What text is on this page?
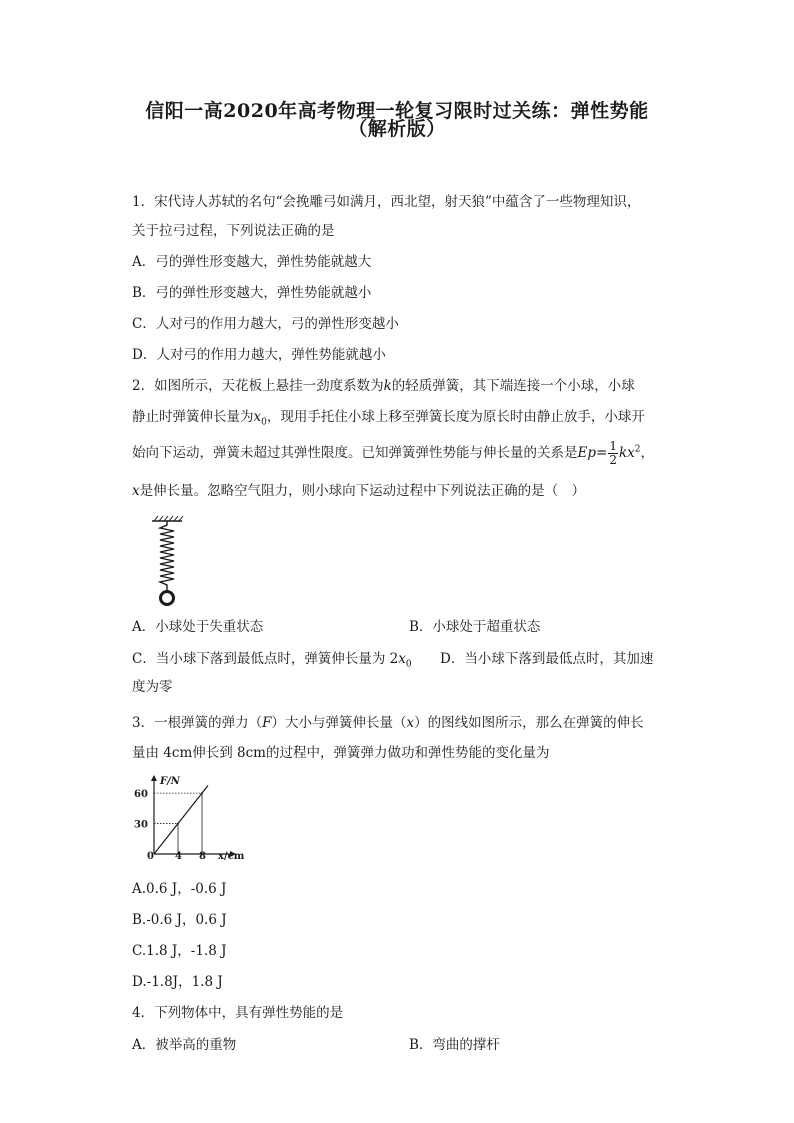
信阳一高2020年高考物理一轮复习限时过关练：弹性势能
（解析版）
1．宋代诗人苏轼的名句“会挽雕弓如满月，西北望，射天狼”中蕴含了一些物理知识，
关于拉弓过程，下列说法正确的是
A．弓的弹性形变越大，弹性势能就越大
B．弓的弹性形变越大，弹性势能就越小
C．人对弓的作用力越大，弓的弹性形变越小
D．人对弓的作用力越大，弹性势能就越小
2．如图所示，天花板上悬挂一劲度系数为k的轻质弹簧，其下端连接一个小球，小球
静止时弹簧伸长量为$x_0$，现用手托住小球上移至弹簧长度为原长时由静止放手，小球开
始向下运动，弹簧未超过其弹性限度。已知弹簧弹性势能与伸长量的关系是$Ep= \frac{1}{2} kx^2$，
x是伸长量。忽略空气阻力，则小球向下运动过程中下列说法正确的是（　）
A．小球处于失重状态	B．小球处于超重状态
C．当小球下落到最低点时，弹簧伸长量为 $2x_0$ D．当小球下落到最低点时，其加速
度为零
3．一根弹簧的弹力（F）大小与弹簧伸长量（x）的图线如图所示，那么在弹簧的伸长
量由 4cm伸长到 8cm的过程中，弹簧弹力做功和弹性势能的变化量为
F/N
x/cm
0 4 8
30
60
A.0.6 J，-0.6 J
B.-0.6 J，0.6 J
C.1.8 J，-1.8 J
D.-1.8J，1.8 J
4．下列物体中，具有弹性势能的是
A．被举高的重物	B．弯曲的撑杆
